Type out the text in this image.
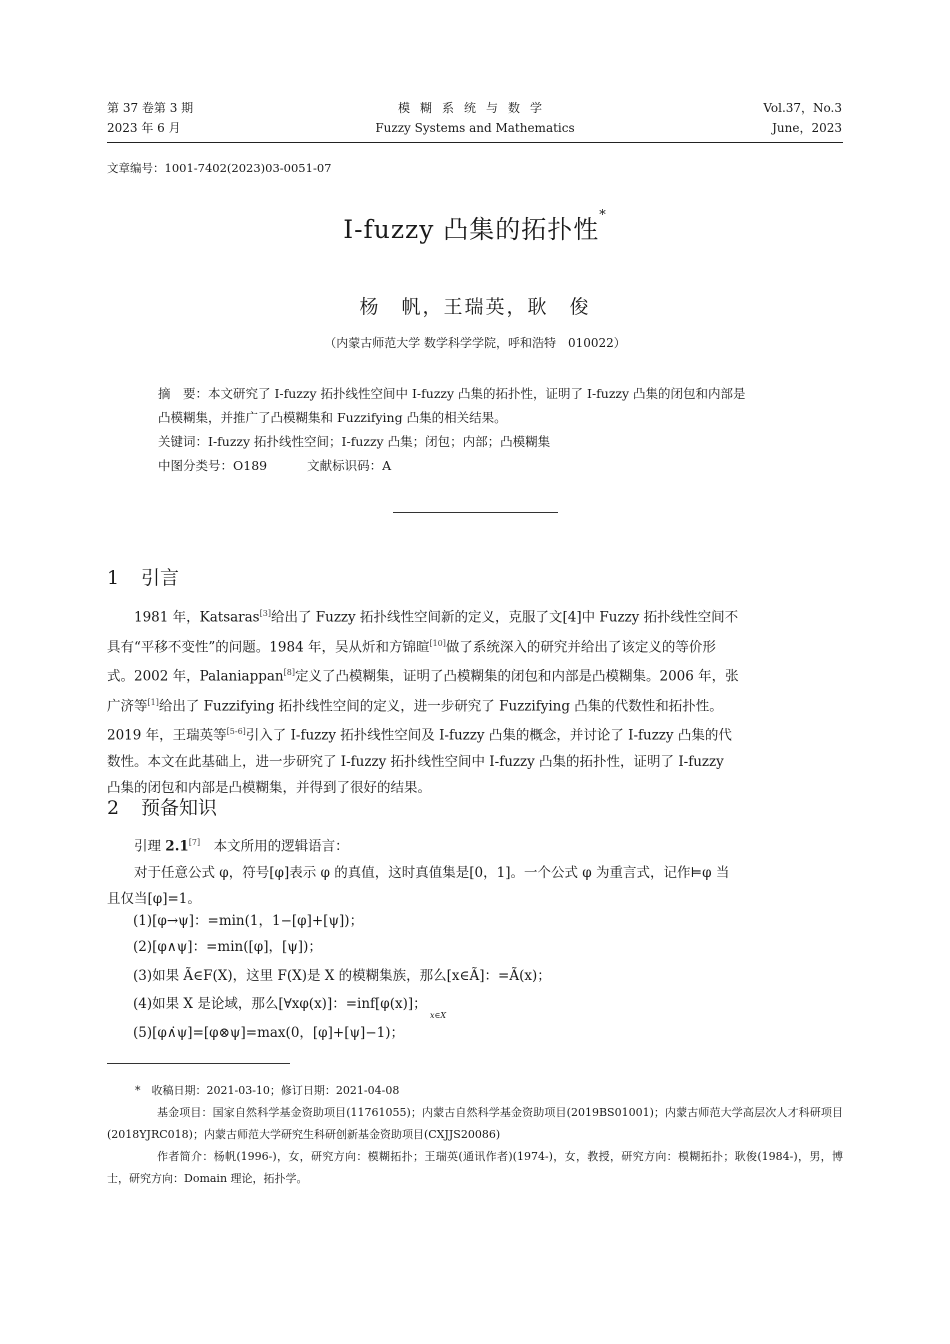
第 37 卷第 3 期
2023 年 6 月
模糊系统与数学
Fuzzy Systems and Mathematics
Vol.37，No.3
June，2023
文章编号：1001-7402(2023)03-0051-07
I-fuzzy 凸集的拓扑性*
杨　帆，王瑞英，耿　俊
（内蒙古师范大学 数学科学学院，呼和浩特　010022）
摘　要：本文研究了 I-fuzzy 拓扑线性空间中 I-fuzzy 凸集的拓扑性，证明了 I-fuzzy 凸集的闭包和内部是
凸模糊集，并推广了凸模糊集和 Fuzzifying 凸集的相关结果。
关键词：I-fuzzy 拓扑线性空间；I-fuzzy 凸集；闭包；内部；凸模糊集
中图分类号：O189	文献标识码：A
1 引言
1981 年，Katsaras[3]给出了 Fuzzy 拓扑线性空间新的定义，克服了文[4]中 Fuzzy 拓扑线性空间不
具有“平移不变性”的问题。1984 年，吴从炘和方锦暄[10]做了系统深入的研究并给出了该定义的等价形
式。2002 年，Palaniappan[8]定义了凸模糊集，证明了凸模糊集的闭包和内部是凸模糊集。2006 年，张
广济等[1]给出了 Fuzzifying 拓扑线性空间的定义，进一步研究了 Fuzzifying 凸集的代数性和拓扑性。
2019 年，王瑞英等[5-6]引入了 I-fuzzy 拓扑线性空间及 I-fuzzy 凸集的概念，并讨论了 I-fuzzy 凸集的代
数性。本文在此基础上，进一步研究了 I-fuzzy 拓扑线性空间中 I-fuzzy 凸集的拓扑性，证明了 I-fuzzy
凸集的闭包和内部是凸模糊集，并得到了很好的结果。
2 预备知识
引理 2.1[7]　本文所用的逻辑语言：
对于任意公式 φ，符号[φ]表示 φ 的真值，这时真值集是[0，1]。一个公式 φ 为重言式，记作⊨φ 当
且仅当[φ]=1。
(1)[φ→ψ]：=min(1，1−[φ]+[ψ])；
(2)[φ∧ψ]：=min([φ]，[ψ])；
(3)如果 Ã∈F(X)，这里 F(X)是 X 的模糊集族，那么[x∈Ã]：=Ã(x)；
(4)如果 X 是论域，那么[∀xφ(x)]：=inf[φ(x)]；
x∈X
(5)[φ∧̇ψ]=[φ⊗ψ]=max(0，[φ]+[ψ]−1)；

*　收稿日期：2021-03-10；修订日期：2021-04-08

基金项目：国家自然科学基金资助项目(11761055)；内蒙古自然科学基金资助项目(2019BS01001)；内蒙古师范大学高层次人才科研项目(2018YJRC018)；内蒙古师范大学研究生科研创新基金资助项目(CXJJS20086)

作者简介：杨帆(1996-)，女，研究方向：模糊拓扑；王瑞英(通讯作者)(1974-)，女，教授，研究方向：模糊拓扑；耿俊(1984-)，男，博士，研究方向：Domain 理论，拓扑学。
